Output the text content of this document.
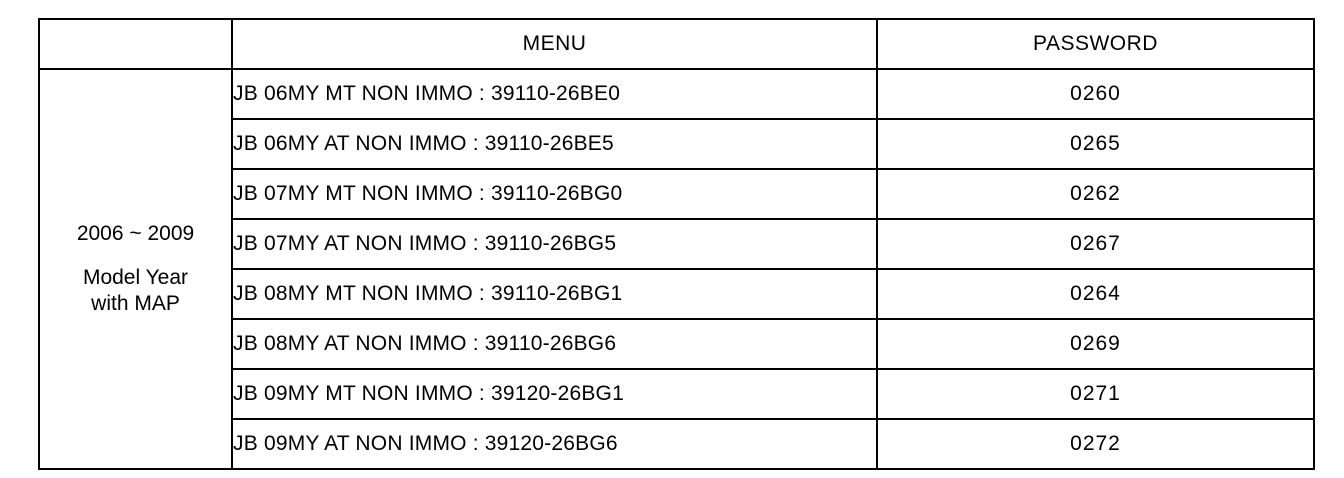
	MENU	PASSWORD
2006 ~ 2009
Model Year
with MAP	JB 06MY MT NON IMMO : 39110-26BE0	0260
	JB 06MY AT NON IMMO : 39110-26BE5	0265
	JB 07MY MT NON IMMO : 39110-26BG0	0262
	JB 07MY AT NON IMMO : 39110-26BG5	0267
	JB 08MY MT NON IMMO : 39110-26BG1	0264
	JB 08MY AT NON IMMO : 39110-26BG6	0269
	JB 09MY MT NON IMMO : 39120-26BG1	0271
	JB 09MY AT NON IMMO : 39120-26BG6	0272
